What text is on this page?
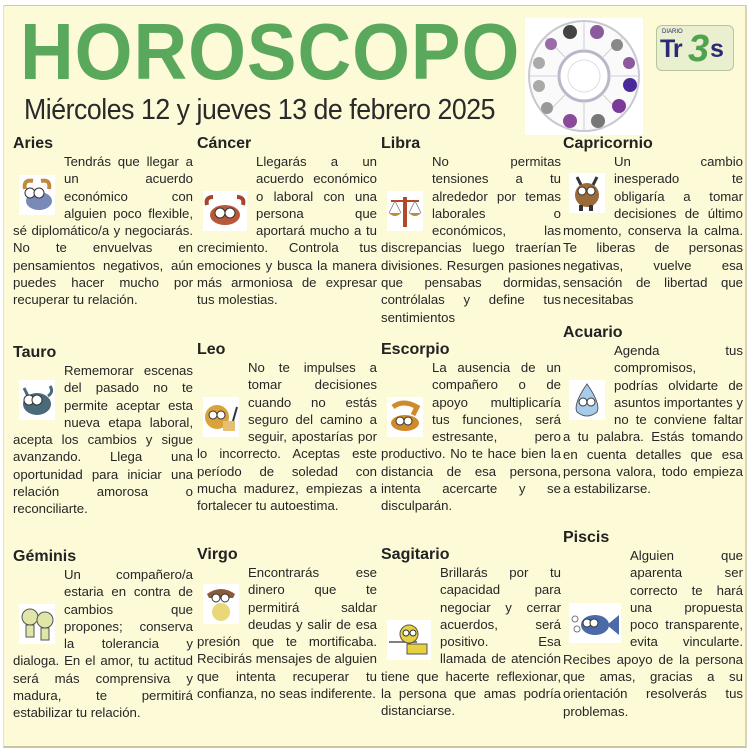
HOROSCOPO
Miércoles 12 y jueves 13 de febrero 2025
DIARIO
Tr 3 s
Aries
Tendrás que llegar a un acuerdo económico con alguien poco flexible, sé diplomático/a y negociarás. No te envuelvas en pensamientos negativos, aún puedes hacer mucho por recuperar tu relación.
Tauro
Rememorar escenas del pasado no te permite aceptar esta nueva etapa laboral, acepta los cambios y sigue avanzando. Llega una oportunidad para iniciar una relación amorosa o reconciliarte.
Géminis
Un compañero/a estaria en contra de cambios que propones; conserva la tolerancia y dialoga. En el amor, tu actitud será más comprensiva y madura, te permitirá estabilizar tu relación.
Cáncer
Llegarás a un acuerdo económico o laboral con una persona que aportará mucho a tu crecimiento. Controla tus emociones y busca la manera más armoniosa de expresar tus molestias.
Leo
No te impulses a tomar decisiones cuando no estás seguro del camino a seguir, apostarías por lo incorrecto. Aceptas este período de soledad con mucha madurez, empiezas a fortalecer tu autoestima.
Virgo
Encontrarás ese dinero que te permitirá saldar deudas y salir de esa presión que te mortificaba. Recibirás mensajes de alguien que intenta recuperar tu confianza, no seas indiferente.
Libra
No permitas tensiones a tu alrededor por temas laborales o económicos, las discrepancias luego traerían divisiones. Resurgen pasiones que pensabas dormidas, contrólalas y define tus sentimientos
Escorpio
La ausencia de un compañero o de apoyo multiplicaría tus funciones, será estresante, pero productivo. No te hace bien la distancia de esa persona, intenta acercarte y se disculparán.
Sagitario
Brillarás por tu capacidad para negociar y cerrar acuerdos, será positivo. Esa llamada de atención tiene que hacerte reflexionar, la persona que amas podría distanciarse.
Capricornio
Un cambio inesperado te obligaría a tomar decisiones de último momento, conserva la calma. Te liberas de personas negativas, vuelve esa sensación de libertad que necesitabas
Acuario
Agenda tus compromisos, podrías olvidarte de asuntos importantes y no te conviene faltar a tu palabra. Estás tomando en cuenta detalles que esa persona valora, todo empieza a estabilizarse.
Piscis
Alguien que aparenta ser correcto te hará una propuesta poco transparente, evita vincularte. Recibes apoyo de la persona que amas, gracias a su orientación resolverás tus problemas.
